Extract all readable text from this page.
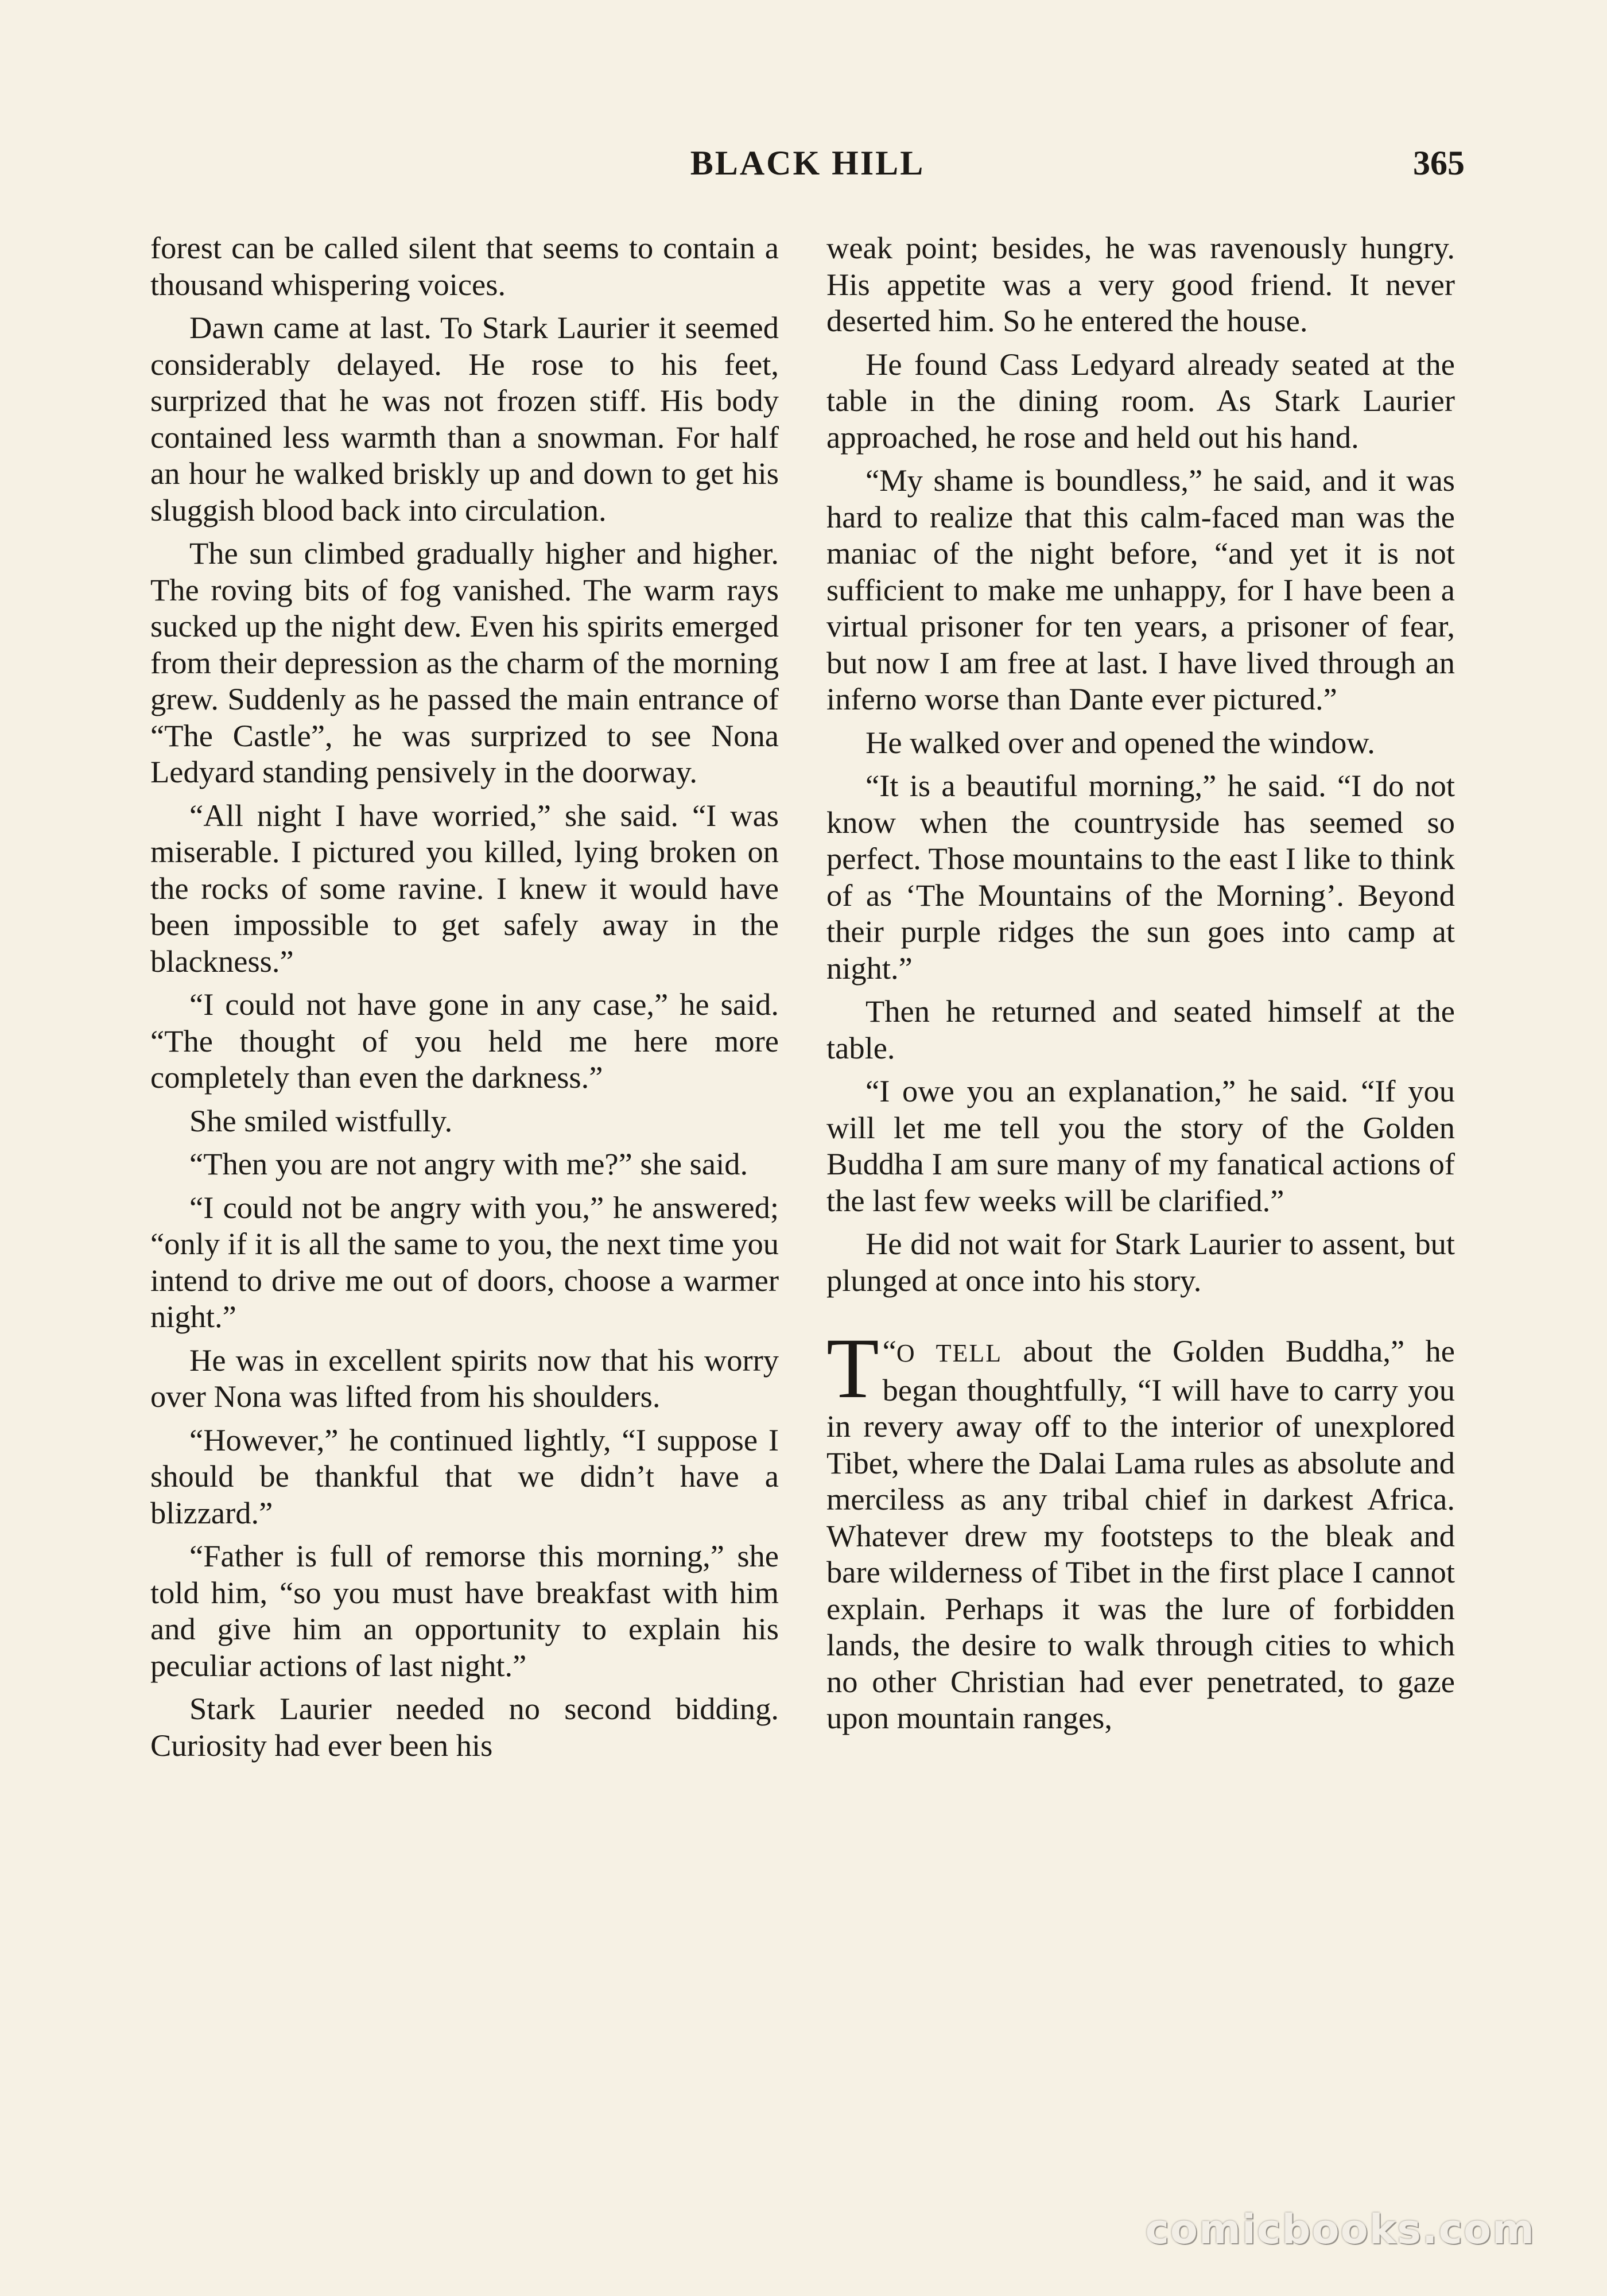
BLACK HILL	365

forest can be called silent that seems to contain a thousand whispering voices.

Dawn came at last. To Stark Laurier it seemed considerably delayed. He rose to his feet, surprized that he was not frozen stiff. His body contained less warmth than a snowman. For half an hour he walked briskly up and down to get his sluggish blood back into circulation.

The sun climbed gradually higher and higher. The roving bits of fog vanished. The warm rays sucked up the night dew. Even his spirits emerged from their depression as the charm of the morning grew. Suddenly as he passed the main entrance of “The Castle”, he was surprized to see Nona Ledyard standing pensively in the doorway.

“All night I have worried,” she said. “I was miserable. I pictured you killed, lying broken on the rocks of some ravine. I knew it would have been impossible to get safely away in the blackness.”

“I could not have gone in any case,” he said. “The thought of you held me here more completely than even the darkness.”

She smiled wistfully.

“Then you are not angry with me?” she said.

“I could not be angry with you,” he answered; “only if it is all the same to you, the next time you intend to drive me out of doors, choose a warmer night.”

He was in excellent spirits now that his worry over Nona was lifted from his shoulders.

“However,” he continued lightly, “I suppose I should be thankful that we didn’t have a blizzard.”

“Father is full of remorse this morning,” she told him, “so you must have breakfast with him and give him an opportunity to explain his peculiar actions of last night.”

Stark Laurier needed no second bidding. Curiosity had ever been his

weak point; besides, he was ravenously hungry. His appetite was a very good friend. It never deserted him. So he entered the house.

He found Cass Ledyard already seated at the table in the dining room. As Stark Laurier approached, he rose and held out his hand.

“My shame is boundless,” he said, and it was hard to realize that this calm-faced man was the maniac of the night before, “and yet it is not sufficient to make me unhappy, for I have been a virtual prisoner for ten years, a prisoner of fear, but now I am free at last. I have lived through an inferno worse than Dante ever pictured.”

He walked over and opened the window.

“It is a beautiful morning,” he said. “I do not know when the countryside has seemed so perfect. Those mountains to the east I like to think of as ‘The Mountains of the Morning’. Beyond their purple ridges the sun goes into camp at night.”

Then he returned and seated himself at the table.

“I owe you an explanation,” he said. “If you will let me tell you the story of the Golden Buddha I am sure many of my fanatical actions of the last few weeks will be clarified.”

He did not wait for Stark Laurier to assent, but plunged at once into his story.

“
T O TELL about the Golden Buddha,” he began thoughtfully, “I will have to carry you in revery away off to the interior of unexplored Tibet, where the Dalai Lama rules as absolute and merciless as any tribal chief in darkest Africa. Whatever drew my footsteps to the bleak and bare wilderness of Tibet in the first place I cannot explain. Perhaps it was the lure of forbidden lands, the desire to walk through cities to which no other Christian had ever penetrated, to gaze upon mountain ranges,

comicbooks.com
